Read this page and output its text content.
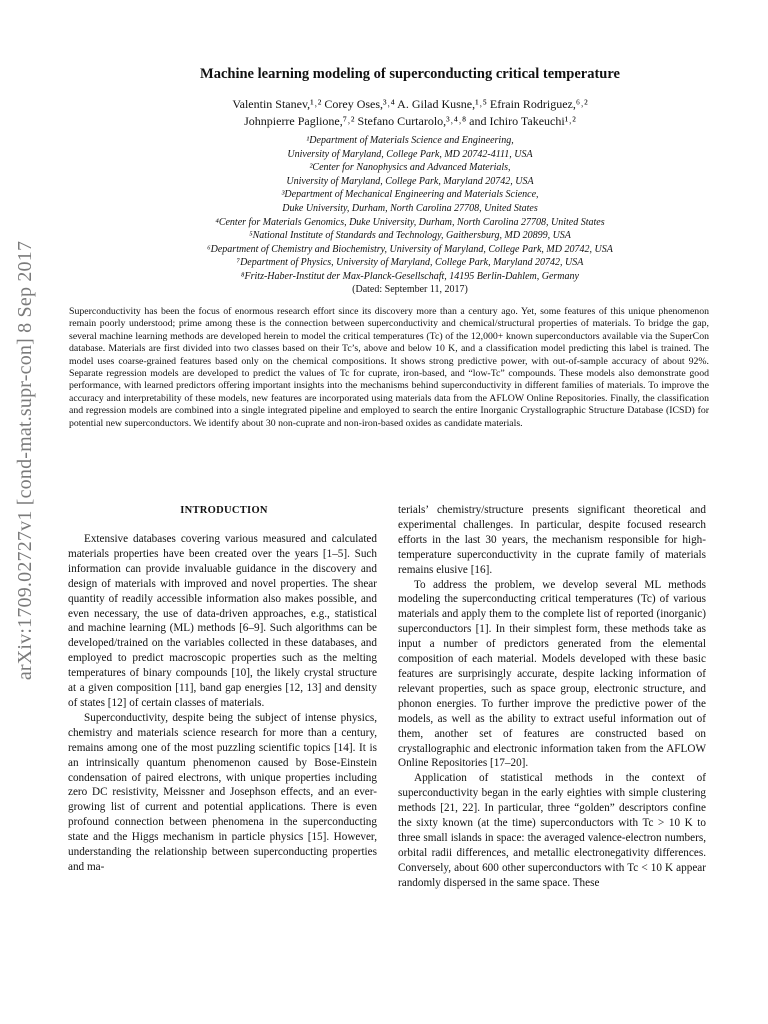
arXiv:1709.02727v1 [cond-mat.supr-con] 8 Sep 2017
Machine learning modeling of superconducting critical temperature
Valentin Stanev,¹˒² Corey Oses,³˒⁴ A. Gilad Kusne,¹˒⁵ Efrain Rodriguez,⁶˒²
Johnpierre Paglione,⁷˒² Stefano Curtarolo,³˒⁴˒⁸ and Ichiro Takeuchi¹˒²
¹Department of Materials Science and Engineering,
University of Maryland, College Park, MD 20742-4111, USA
²Center for Nanophysics and Advanced Materials,
University of Maryland, College Park, Maryland 20742, USA
³Department of Mechanical Engineering and Materials Science,
Duke University, Durham, North Carolina 27708, United States
⁴Center for Materials Genomics, Duke University, Durham, North Carolina 27708, United States
⁵National Institute of Standards and Technology, Gaithersburg, MD 20899, USA
⁶Department of Chemistry and Biochemistry, University of Maryland, College Park, MD 20742, USA
⁷Department of Physics, University of Maryland, College Park, Maryland 20742, USA
⁸Fritz-Haber-Institut der Max-Planck-Gesellschaft, 14195 Berlin-Dahlem, Germany
(Dated: September 11, 2017)
Superconductivity has been the focus of enormous research effort since its discovery more than a century ago. Yet, some features of this unique phenomenon remain poorly understood; prime among these is the connection between superconductivity and chemical/structural properties of materials. To bridge the gap, several machine learning methods are developed herein to model the critical temperatures (Tc) of the 12,000+ known superconductors available via the SuperCon database. Materials are first divided into two classes based on their Tc’s, above and below 10 K, and a classification model predicting this label is trained. The model uses coarse-grained features based only on the chemical compositions. It shows strong predictive power, with out-of-sample accuracy of about 92%. Separate regression models are developed to predict the values of Tc for cuprate, iron-based, and “low-Tc” compounds. These models also demonstrate good performance, with learned predictors offering important insights into the mechanisms behind superconductivity in different families of materials. To improve the accuracy and interpretability of these models, new features are incorporated using materials data from the AFLOW Online Repositories. Finally, the classification and regression models are combined into a single integrated pipeline and employed to search the entire Inorganic Crystallographic Structure Database (ICSD) for potential new superconductors. We identify about 30 non-cuprate and non-iron-based oxides as candidate materials.
INTRODUCTION

Extensive databases covering various measured and calculated materials properties have been created over the years [1–5]. Such information can provide invaluable guidance in the discovery and design of materials with improved and novel properties. The shear quantity of readily accessible information also makes possible, and even necessary, the use of data-driven approaches, e.g., statistical and machine learning (ML) methods [6–9]. Such algorithms can be developed/trained on the variables collected in these databases, and employed to predict macroscopic properties such as the melting temperatures of binary compounds [10], the likely crystal structure at a given composition [11], band gap energies [12, 13] and density of states [12] of certain classes of materials.

Superconductivity, despite being the subject of intense physics, chemistry and materials science research for more than a century, remains among one of the most puzzling scientific topics [14]. It is an intrinsically quantum phenomenon caused by Bose-Einstein condensation of paired electrons, with unique properties including zero DC resistivity, Meissner and Josephson effects, and an ever-growing list of current and potential applications. There is even profound connection between phenomena in the superconducting state and the Higgs mechanism in particle physics [15]. However, understanding the relationship between superconducting properties and ma-

terials’ chemistry/structure presents significant theoretical and experimental challenges. In particular, despite focused research efforts in the last 30 years, the mechanism responsible for high-temperature superconductivity in the cuprate family of materials remains elusive [16].

To address the problem, we develop several ML methods modeling the superconducting critical temperatures (Tc) of various materials and apply them to the complete list of reported (inorganic) superconductors [1]. In their simplest form, these methods take as input a number of predictors generated from the elemental composition of each material. Models developed with these basic features are surprisingly accurate, despite lacking information of relevant properties, such as space group, electronic structure, and phonon energies. To further improve the predictive power of the models, as well as the ability to extract useful information out of them, another set of features are constructed based on crystallographic and electronic information taken from the AFLOW Online Repositories [17–20].

Application of statistical methods in the context of superconductivity began in the early eighties with simple clustering methods [21, 22]. In particular, three “golden” descriptors confine the sixty known (at the time) superconductors with Tc > 10 K to three small islands in space: the averaged valence-electron numbers, orbital radii differences, and metallic electronegativity differences. Conversely, about 600 other superconductors with Tc < 10 K appear randomly dispersed in the same space. These
